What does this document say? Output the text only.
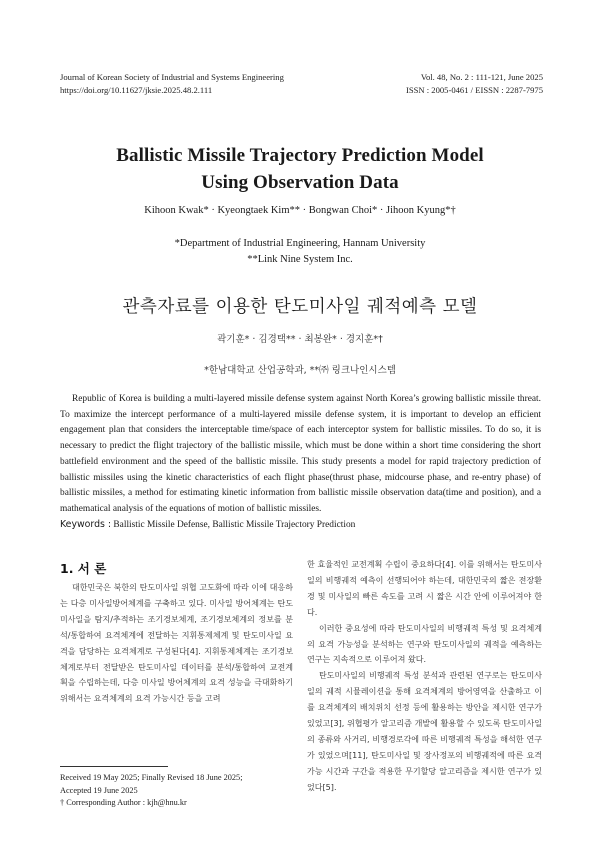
Journal of Korean Society of Industrial and Systems Engineering
https://doi.org/10.11627/jksie.2025.48.2.111
Vol. 48, No. 2 : 111-121, June 2025
ISSN : 2005-0461 / EISSN : 2287-7975
Ballistic Missile Trajectory Prediction Model
Using Observation Data
Kihoon Kwak* · Kyeongtaek Kim** · Bongwan Choi* · Jihoon Kyung*†
*Department of Industrial Engineering, Hannam University
**Link Nine System Inc.
관측자료를 이용한 탄도미사일 궤적예측 모델
곽기훈* · 김경택** · 최봉완* · 경지훈*†
*한남대학교 산업공학과, **㈜ 링크나인시스템
Republic of Korea is building a multi-layered missile defense system against North Korea’s growing ballistic missile threat. To maximize the intercept performance of a multi-layered missile defense system, it is important to develop an efficient engagement plan that considers the interceptable time/space of each interceptor system for ballistic missiles. To do so, it is necessary to predict the flight trajectory of the ballistic missile, which must be done within a short time considering the short battlefield environment and the speed of the ballistic missile. This study presents a model for rapid trajectory prediction of ballistic missiles using the kinetic characteristics of each flight phase(thrust phase, midcourse phase, and re-entry phase) of ballistic missiles, a method for estimating kinetic information from ballistic missile observation data(time and position), and a mathematical analysis of the equations of motion of ballistic missiles.
Keywords : Ballistic Missile Defense, Ballistic Missile Trajectory Prediction
1. 서 론

대한민국은 북한의 탄도미사일 위협 고도화에 따라 이에 대응하는 다층 미사일방어체계를 구축하고 있다. 미사일 방어체계는 탄도미사일을 탐지/추적하는 조기경보체계, 조기경보체계의 정보를 분석/통합하여 요격체계에 전달하는 지휘통제체계 및 탄도미사일 요격을 담당하는 요격체계로 구성된다[4]. 지휘통제체계는 조기경보체계로부터 전달받은 탄도미사일 데이터를 분석/통합하여 교전계획을 수립하는데, 다층 미사일 방어체계의 요격 성능을 극대화하기 위해서는 요격체계의 요격 가능시간 등을 고려

한 효율적인 교전계획 수립이 중요하다[4]. 이를 위해서는 탄도미사일의 비행궤적 예측이 선행되어야 하는데, 대한민국의 짧은 전장환경 및 미사일의 빠른 속도를 고려 시 짧은 시간 안에 이루어져야 한다.

이러한 중요성에 따라 탄도미사일의 비행궤적 특성 및 요격체계의 요격 가능성을 분석하는 연구와 탄도미사일의 궤적을 예측하는 연구는 지속적으로 이루어져 왔다.

탄도미사일의 비행궤적 특성 분석과 관련된 연구로는 탄도미사일의 궤적 시뮬레이션을 통해 요격체계의 방어영역을 산출하고 이를 요격체계의 배치위치 선정 등에 활용하는 방안을 제시한 연구가 있었고[3], 위협평가 알고리즘 개발에 활용할 수 있도록 탄도미사일의 종류와 사거리, 비행경로각에 따른 비행궤적 특성을 해석한 연구가 있었으며[11], 탄도미사일 및 장사정포의 비행궤적에 따른 요격 가능 시간과 구간을 적용한 무기할당 알고리즘을 제시한 연구가 있었다[5].

Received 19 May 2025; Finally Revised 18 June 2025;
Accepted 19 June 2025
† Corresponding Author : kjh@hnu.kr
